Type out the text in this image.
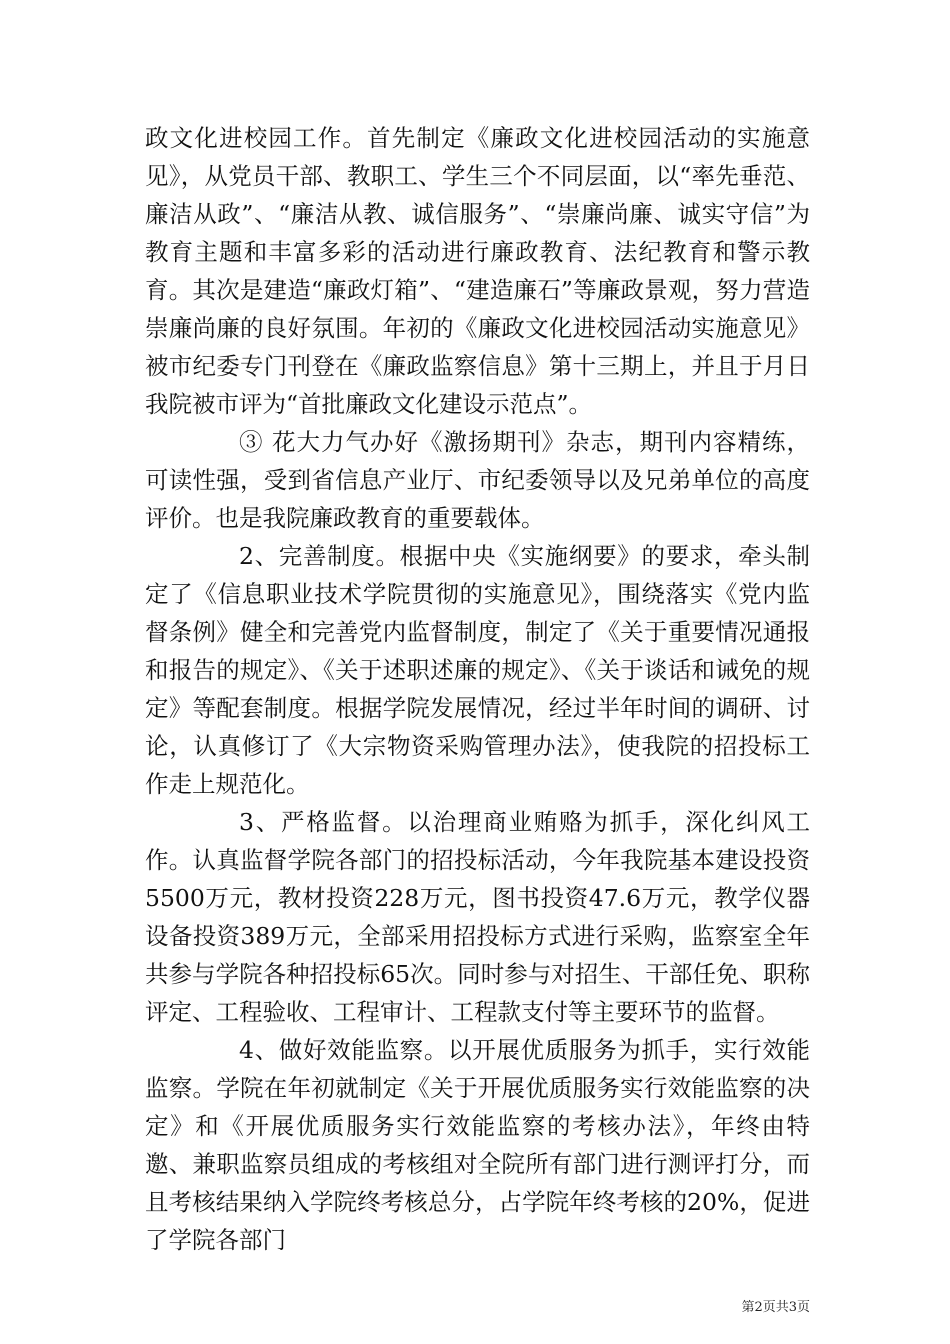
政文化进校园工作。首先制定《廉政文化进校园活动的实施意见》，从党员干部、教职工、学生三个不同层面，以“率先垂范、廉洁从政”、“廉洁从教、诚信服务”、“崇廉尚廉、诚实守信”为教育主题和丰富多彩的活动进行廉政教育、法纪教育和警示教育。其次是建造“廉政灯箱”、“建造廉石”等廉政景观，努力营造崇廉尚廉的良好氛围。年初的《廉政文化进校园活动实施意见》被市纪委专门刊登在《廉政监察信息》第十三期上，并且于月日我院被市评为“首批廉政文化建设示范点”。

③ 花大力气办好《激扬期刊》杂志，期刊内容精练，可读性强，受到省信息产业厅、市纪委领导以及兄弟单位的高度评价。也是我院廉政教育的重要载体。

2、完善制度。根据中央《实施纲要》的要求，牵头制定了《信息职业技术学院贯彻的实施意见》，围绕落实《党内监督条例》健全和完善党内监督制度，制定了《关于重要情况通报和报告的规定》、《关于述职述廉的规定》、《关于谈话和诫免的规定》等配套制度。根据学院发展情况，经过半年时间的调研、讨论，认真修订了《大宗物资采购管理办法》，使我院的招投标工作走上规范化。

3、严格监督。以治理商业贿赂为抓手，深化纠风工作。认真监督学院各部门的招投标活动，今年我院基本建设投资5500万元，教材投资228万元，图书投资47.6万元，教学仪器设备投资389万元，全部采用招投标方式进行采购，监察室全年共参与学院各种招投标65次。同时参与对招生、干部任免、职称评定、工程验收、工程审计、工程款支付等主要环节的监督。

4、做好效能监察。以开展优质服务为抓手，实行效能监察。学院在年初就制定《关于开展优质服务实行效能监察的决定》和《开展优质服务实行效能监察的考核办法》，年终由特邀、兼职监察员组成的考核组对全院所有部门进行测评打分，而且考核结果纳入学院终考核总分，占学院年终考核的20%，促进了学院各部门

第2页共3页
